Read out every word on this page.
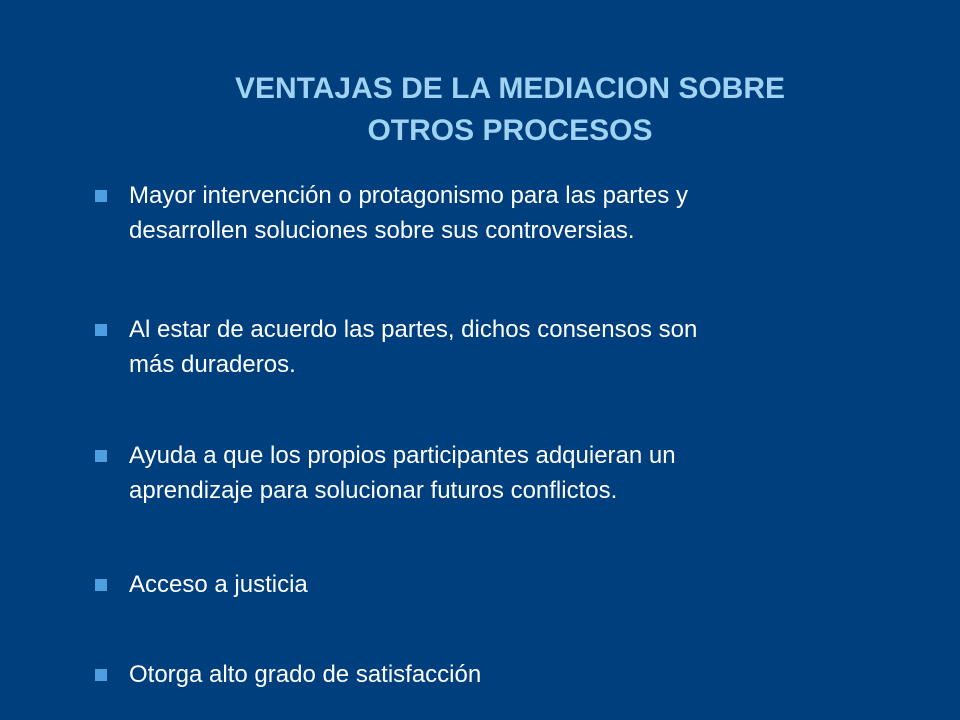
VENTAJAS DE LA MEDIACION SOBRE
OTROS PROCESOS
Mayor intervención o protagonismo para las partes y
desarrollen soluciones sobre sus controversias.
Al estar de acuerdo las partes, dichos consensos son
más duraderos.
Ayuda a que los propios participantes adquieran un
aprendizaje para solucionar futuros conflictos.
Acceso a justicia
Otorga alto grado de satisfacción
